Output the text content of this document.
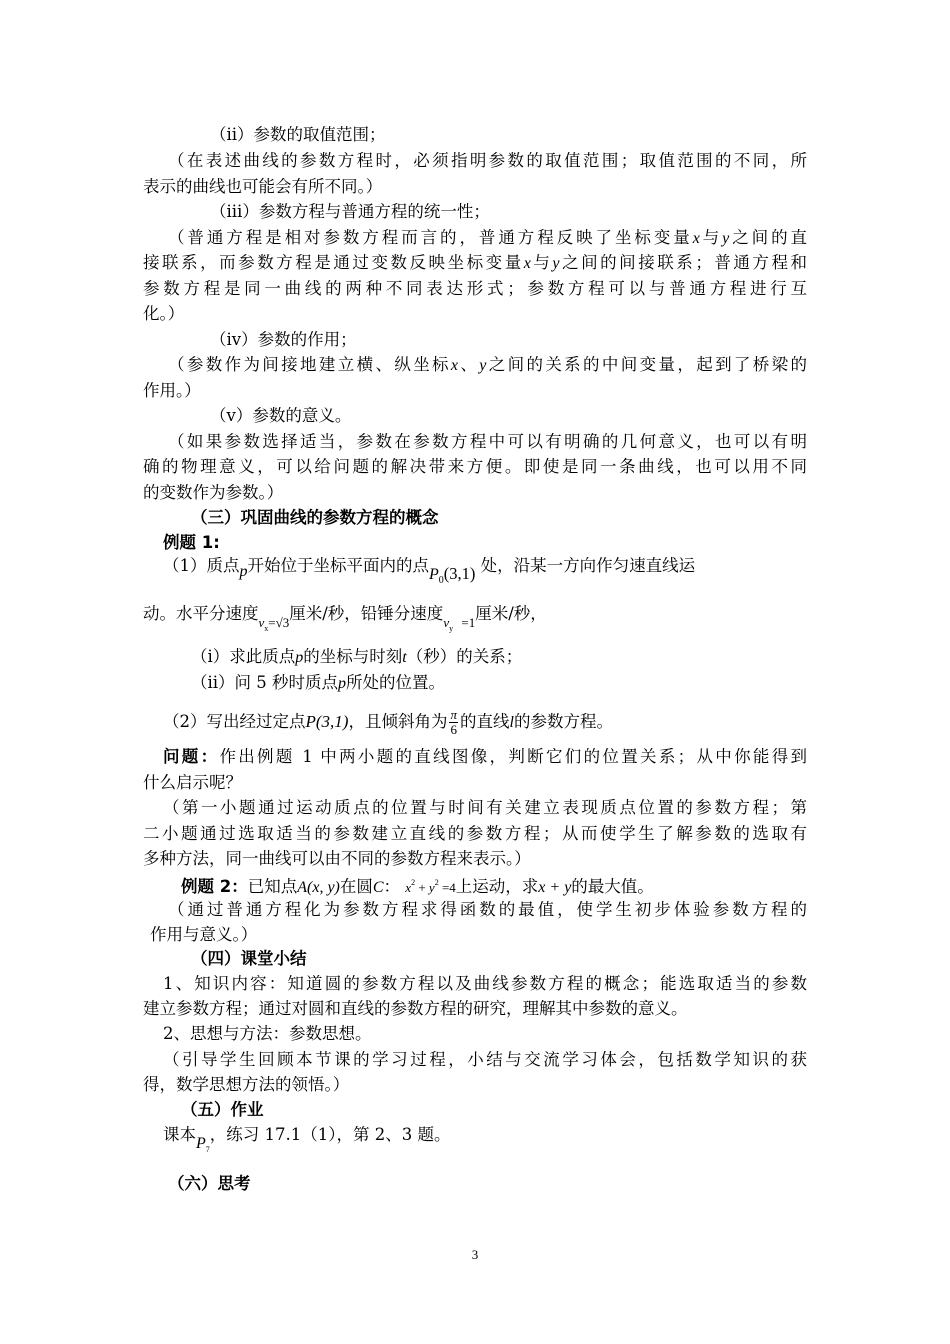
（ⅱ）参数的取值范围；
（在表述曲线的参数方程时，必须指明参数的取值范围；取值范围的不同，所
表示的曲线也可能会有所不同。）
（ⅲ）参数方程与普通方程的统一性；
（普通方程是相对参数方程而言的，普通方程反映了坐标变量x与y之间的直
接联系，而参数方程是通过变数反映坐标变量x与y之间的间接联系；普通方程和
参数方程是同一曲线的两种不同表达形式；参数方程可以与普通方程进行互
化。）
（ⅳ）参数的作用；
（参数作为间接地建立横、纵坐标x、y之间的关系的中间变量，起到了桥梁的
作用。）
（ⅴ）参数的意义。
（如果参数选择适当，参数在参数方程中可以有明确的几何意义，也可以有明
确的物理意义，可以给问题的解决带来方便。即使是同一条曲线，也可以用不同
的变数作为参数。）
（三）巩固曲线的参数方程的概念
例题 1:
（1）质点p开始位于坐标平面内的点$P_0(3,1)$ 处，沿某一方向作匀速直线运
动。水平分速度$v_x=√3$厘米/秒，铅锤分速度$v_y =1$厘米/秒，
（ⅰ）求此质点p的坐标与时刻t（秒）的关系；
（ⅱ）问 5 秒时质点p所处的位置。
（2）写出经过定点P(3,1)，且倾斜角为 $\frac{\pi}{6}$ 的直线l的参数方程。
问题：作出例题 1 中两小题的直线图像，判断它们的位置关系；从中你能得到
什么启示呢？
（第一小题通过运动质点的位置与时间有关建立表现质点位置的参数方程；第
二小题通过选取适当的参数建立直线的参数方程；从而使学生了解参数的选取有
多种方法，同一曲线可以由不同的参数方程来表示。）
例题 2：已知点A(x, y)在圆C： $x^2 + y^2 =4$上运动，求x + y的最大值。
（通过普通方程化为参数方程求得函数的最值，使学生初步体验参数方程的
作用与意义。）
（四）课堂小结
1、知识内容：知道圆的参数方程以及曲线参数方程的概念；能选取适当的参数
建立参数方程；通过对圆和直线的参数方程的研究，理解其中参数的意义。
2、思想与方法：参数思想。
（引导学生回顾本节课的学习过程，小结与交流学习体会，包括数学知识的获
得，数学思想方法的领悟。）
（五）作业
课本$P_7$，练习 17.1（1），第 2、3 题。
（六）思考
3
